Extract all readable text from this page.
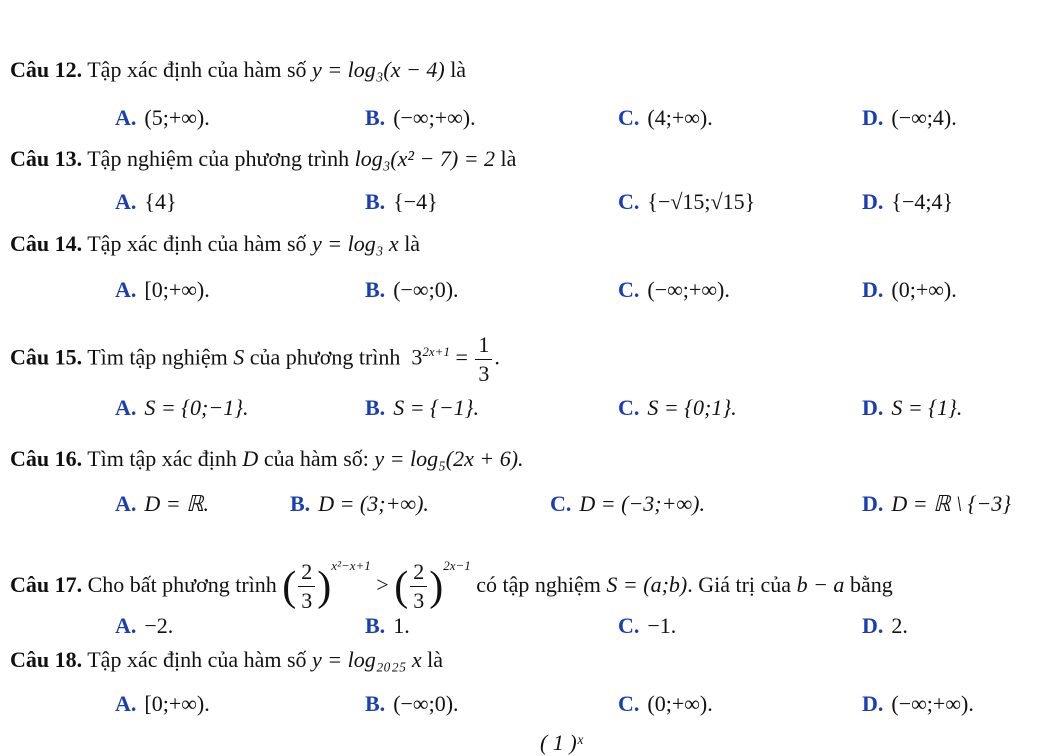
Câu 12. Tập xác định của hàm số y = log₃(x − 4) là
A. (5;+∞).	B. (−∞;+∞).	C. (4;+∞).	D. (−∞;4).
Câu 13. Tập nghiệm của phương trình log₃(x² − 7) = 2 là
A. {4}	B. {−4}	C. {−√15;√15}	D. {−4;4}
Câu 14. Tập xác định của hàm số y = log₃ x là
A. [0;+∞).	B. (−∞;0).	C. (−∞;+∞).	D. (0;+∞).
Câu 15. Tìm tập nghiệm S của phương trình $3^{2x+1} = \frac{1}{3}$ .
A. S = {0;−1}.	B. S = {−1}.	C. S = {0;1}.	D. S = {1}.
Câu 16. Tìm tập xác định D của hàm số: y = log₅(2x + 6).
A. D = ℝ.	B. D = (3;+∞).	C. D = (−3;+∞).	D. D = ℝ \ {−3}
Câu 17. Cho bất phương trình ( $\frac{2}{3} )^{x^2-x+1}$ > ( $\frac{2}{3} )^{2x-1}$ có tập nghiệm S = (a;b). Giá trị của b − a bằng
A. −2.	B. 1.	C. −1.	D. 2.
Câu 18. Tập xác định của hàm số y = log₂₀₂₅ x là
A. [0;+∞).	B. (−∞;0).	C. (0;+∞).	D. (−∞;+∞).
( 1 )ˣ
